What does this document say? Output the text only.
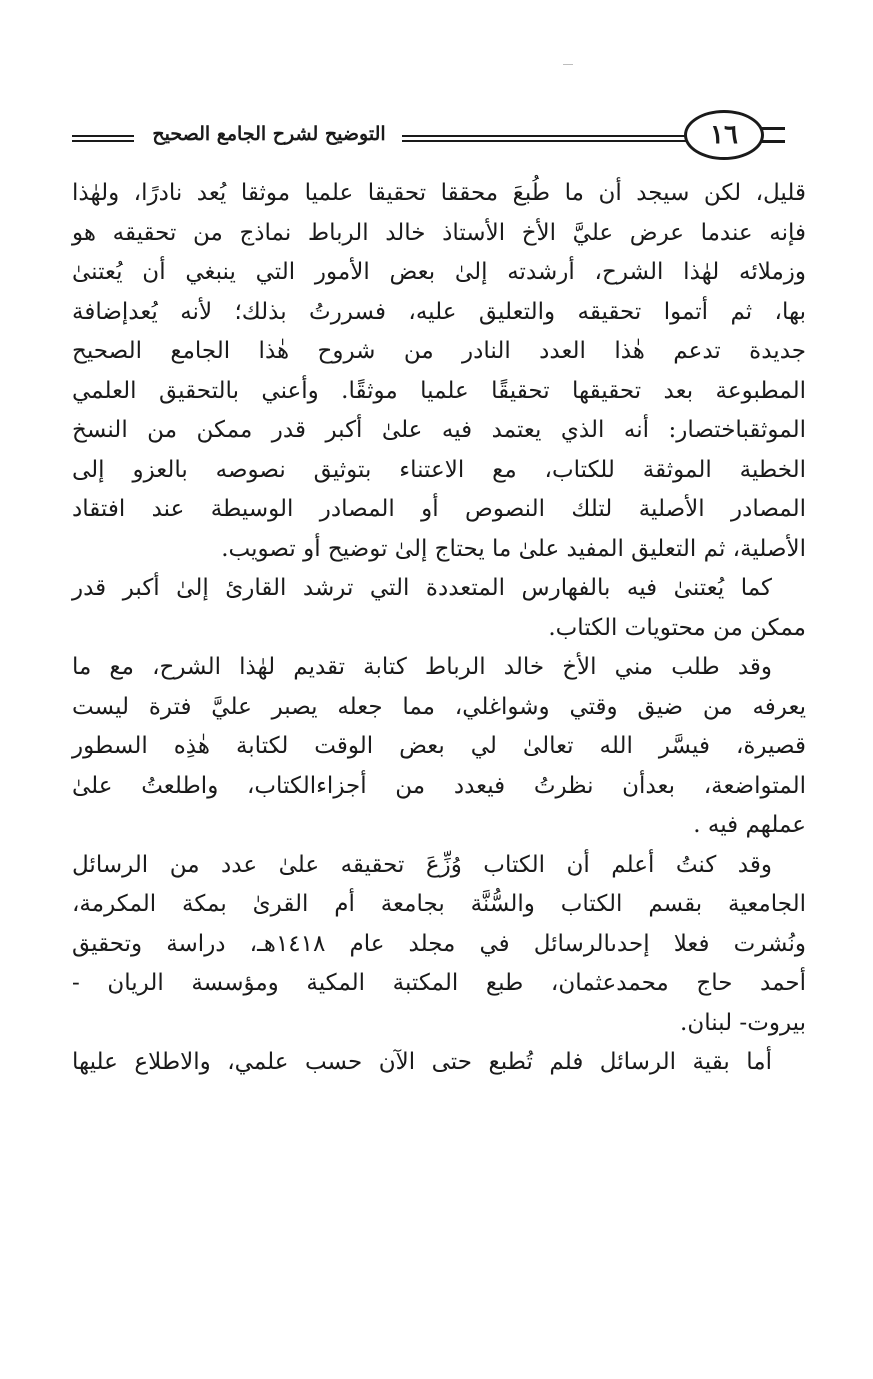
التوضيح لشرح الجامع الصحيح	١٦

قليل، لكن سيجد أن ما طُبعَ محققا تحقيقا علميا موثقا يُعد نادرًا، ولهٰذا

فإنه عندما عرض عليَّ الأخ الأستاذ خالد الرباط نماذج من تحقيقه هو

وزملائه لهٰذا الشرح، أرشدته إلىٰ بعض الأمور التي ينبغي أن يُعتنىٰ

بها، ثم أتموا تحقيقه والتعليق عليه، فسررتُ بذلك؛ لأنه يُعدإضافة

جديدة تدعم هٰذا العدد النادر من شروح هٰذا الجامع الصحيح

المطبوعة بعد تحقيقها تحقيقًا علميا موثقًا. وأعني بالتحقيق العلمي

الموثقباختصار: أنه الذي يعتمد فيه علىٰ أكبر قدر ممكن من النسخ

الخطية الموثقة للكتاب، مع الاعتناء بتوثيق نصوصه بالعزو إلى

المصادر الأصلية لتلك النصوص أو المصادر الوسيطة عند افتقاد

الأصلية، ثم التعليق المفيد علىٰ ما يحتاج إلىٰ توضيح أو تصويب.

كما يُعتنىٰ فيه بالفهارس المتعددة التي ترشد القارئ إلىٰ أكبر قدر

ممكن من محتويات الكتاب.

وقد طلب مني الأخ خالد الرباط كتابة تقديم لهٰذا الشرح، مع ما

يعرفه من ضيق وقتي وشواغلي، مما جعله يصبر عليَّ فترة ليست

قصيرة، فيسَّر الله تعالىٰ لي بعض الوقت لكتابة هٰذِه السطور

المتواضعة، بعدأن نظرتُ فيعدد من أجزاءالكتاب، واطلعتُ علىٰ

عملهم فيه .

وقد كنتُ أعلم أن الكتاب وُزِّعَ تحقيقه علىٰ عدد من الرسائل

الجامعية بقسم الكتاب والسُّنَّة بجامعة أم القرىٰ بمكة المكرمة،

ونُشرت فعلا إحدىالرسائل في مجلد عام ١٤١٨هـ، دراسة وتحقيق

أحمد حاج محمدعثمان، طبع المكتبة المكية ومؤسسة الريان -

بيروت- لبنان.

أما بقية الرسائل فلم تُطبع حتى الآن حسب علمي، والاطلاع عليها
